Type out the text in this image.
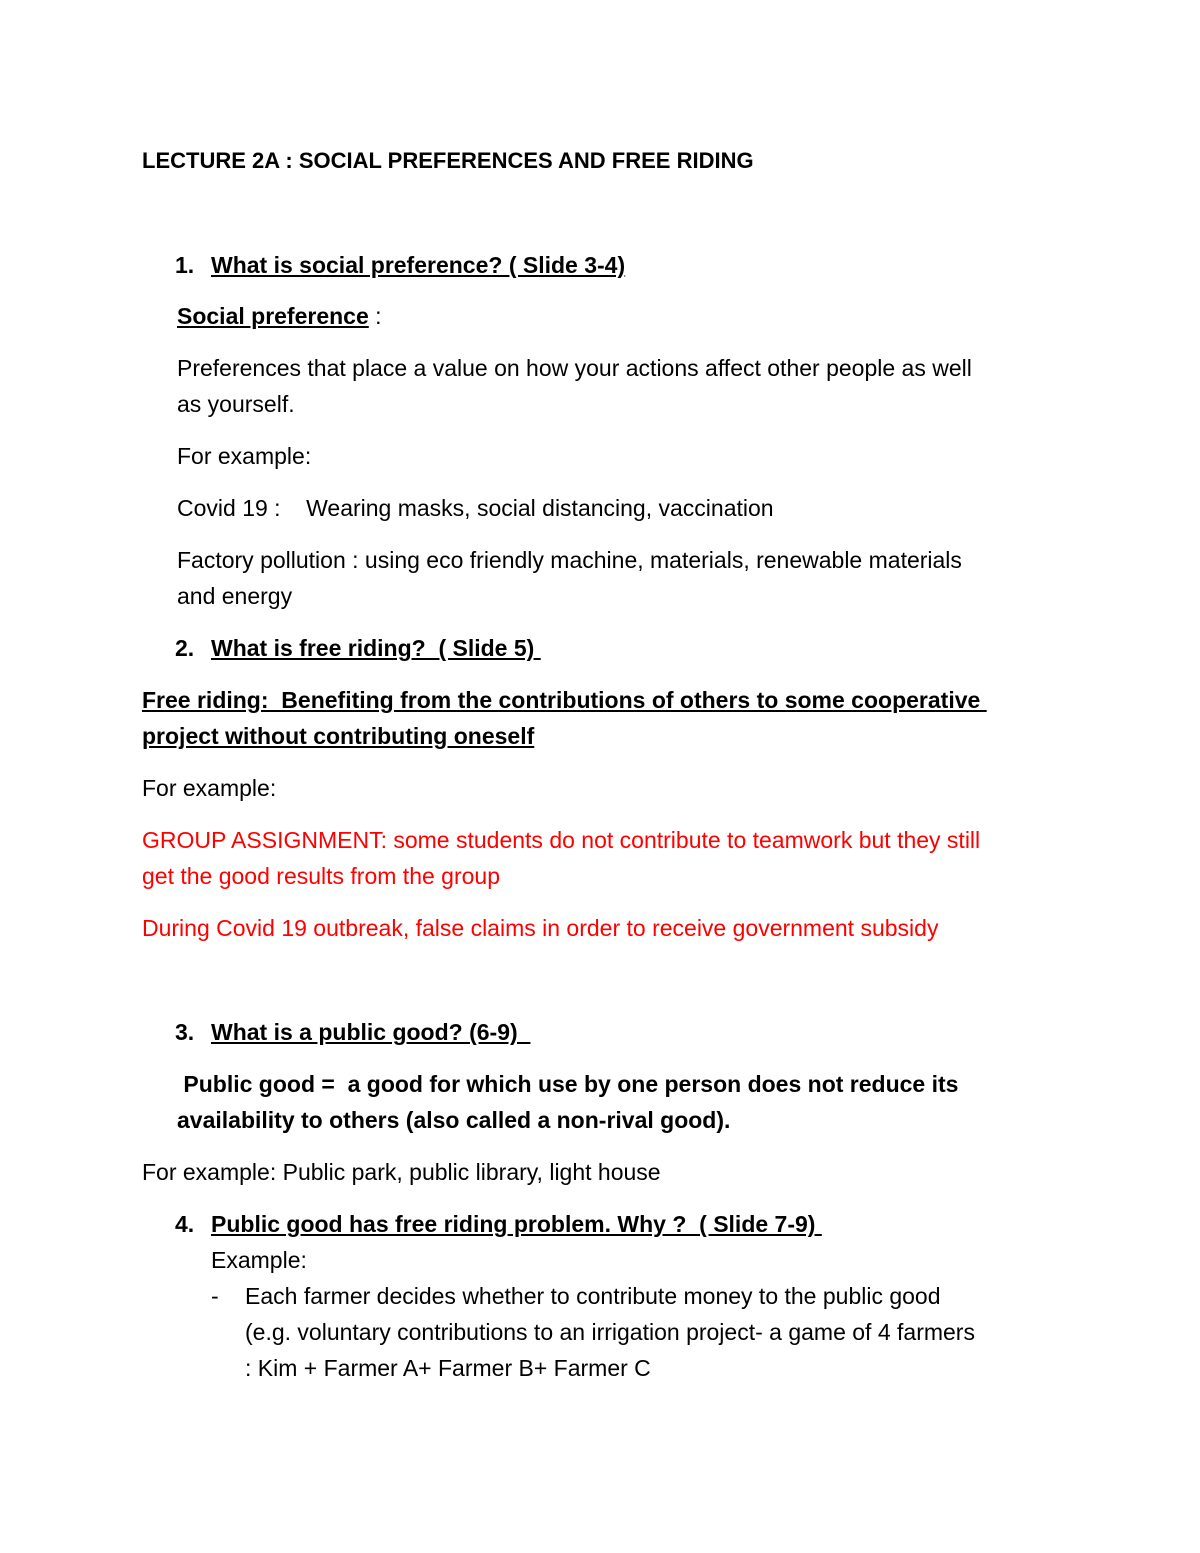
LECTURE 2A : SOCIAL PREFERENCES AND FREE RIDING
1. What is social preference? ( Slide 3-4)
Social preference :
Preferences that place a value on how your actions affect other people as well
as yourself.
For example:
Covid 19 :    Wearing masks, social distancing, vaccination
Factory pollution : using eco friendly machine, materials, renewable materials
and energy
2. What is free riding?  ( Slide 5)
Free riding:  Benefiting from the contributions of others to some cooperative
project without contributing oneself
For example:
GROUP ASSIGNMENT: some students do not contribute to teamwork but they still
get the good results from the group
During Covid 19 outbreak, false claims in order to receive government subsidy
3. What is a public good? (6-9)
Public good =  a good for which use by one person does not reduce its
availability to others (also called a non-rival good).
For example: Public park, public library, light house
4. Public good has free riding problem. Why ?  ( Slide 7-9)
Example:
- Each farmer decides whether to contribute money to the public good
(e.g. voluntary contributions to an irrigation project- a game of 4 farmers
: Kim + Farmer A+ Farmer B+ Farmer C
